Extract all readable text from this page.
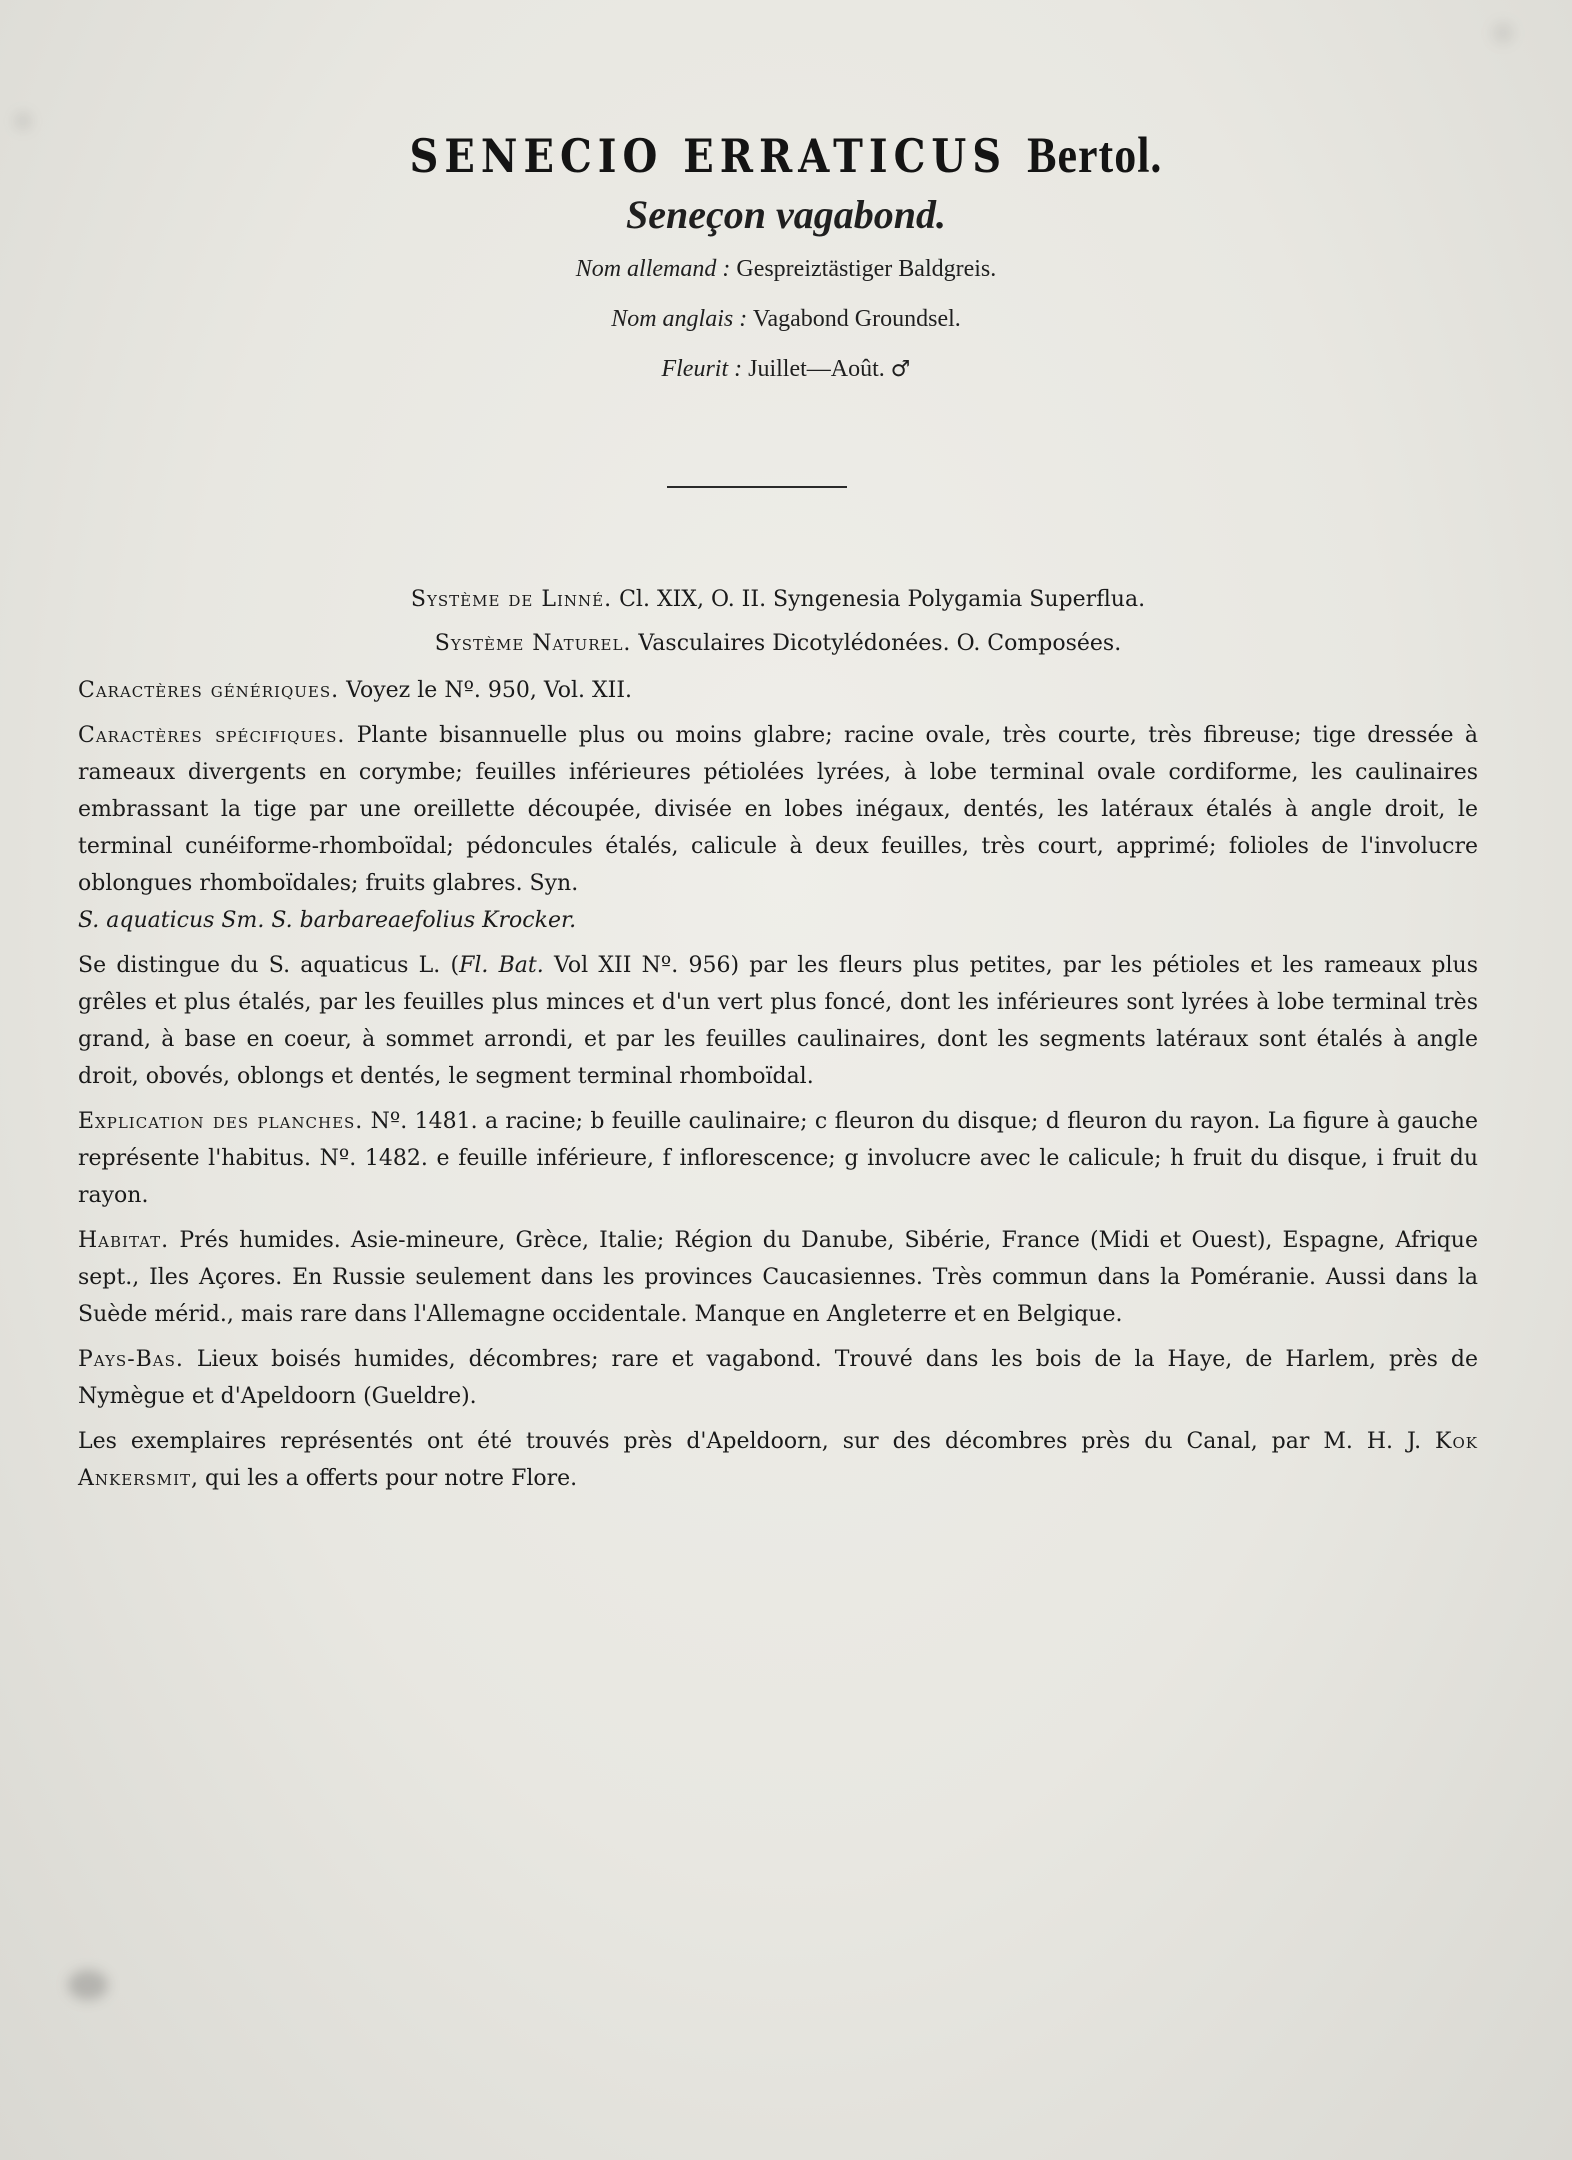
SENECIO ERRATICUS Bertol.

Seneçon vagabond.

Nom allemand : Gespreiztästiger Baldgreis.

Nom anglais : Vagabond Groundsel.

Fleurit : Juillet—Août. ♂

Système de Linné. Cl. XIX, O. II. Syngenesia Polygamia Superflua.

Système Naturel. Vasculaires Dicotylédonées. O. Composées.

Caractères génériques. Voyez le Nº. 950, Vol. XII.

Caractères spécifiques. Plante bisannuelle plus ou moins glabre; racine ovale, très courte, très fibreuse; tige dressée à rameaux divergents en corymbe; feuilles inférieures pétiolées lyrées, à lobe terminal ovale cordiforme, les caulinaires embrassant la tige par une oreillette découpée, divisée en lobes inégaux, dentés, les latéraux étalés à angle droit, le terminal cunéiforme-rhomboïdal; pédoncules étalés, calicule à deux feuilles, très court, apprimé; folioles de l'involucre oblongues rhomboïdales; fruits glabres. Syn.
S. aquaticus Sm. S. barbareaefolius Krocker.

Se distingue du S. aquaticus L. (Fl. Bat. Vol XII Nº. 956) par les fleurs plus petites, par les pétioles et les rameaux plus grêles et plus étalés, par les feuilles plus minces et d'un vert plus foncé, dont les inférieures sont lyrées à lobe terminal très grand, à base en coeur, à sommet arrondi, et par les feuilles caulinaires, dont les segments latéraux sont étalés à angle droit, obovés, oblongs et dentés, le segment terminal rhomboïdal.

Explication des planches. Nº. 1481. a racine; b feuille caulinaire; c fleuron du disque; d fleuron du rayon. La figure à gauche représente l'habitus. Nº. 1482. e feuille inférieure, f inflorescence; g involucre avec le calicule; h fruit du disque, i fruit du rayon.

Habitat. Prés humides. Asie-mineure, Grèce, Italie; Région du Danube, Sibérie, France (Midi et Ouest), Espagne, Afrique sept., Iles Açores. En Russie seulement dans les provinces Caucasiennes. Très commun dans la Poméranie. Aussi dans la Suède mérid., mais rare dans l'Allemagne occidentale. Manque en Angleterre et en Belgique.

Pays-Bas. Lieux boisés humides, décombres; rare et vagabond. Trouvé dans les bois de la Haye, de Harlem, près de Nymègue et d'Apeldoorn (Gueldre).

Les exemplaires représentés ont été trouvés près d'Apeldoorn, sur des décombres près du Canal, par M. H. J. Kok Ankersmit, qui les a offerts pour notre Flore.
